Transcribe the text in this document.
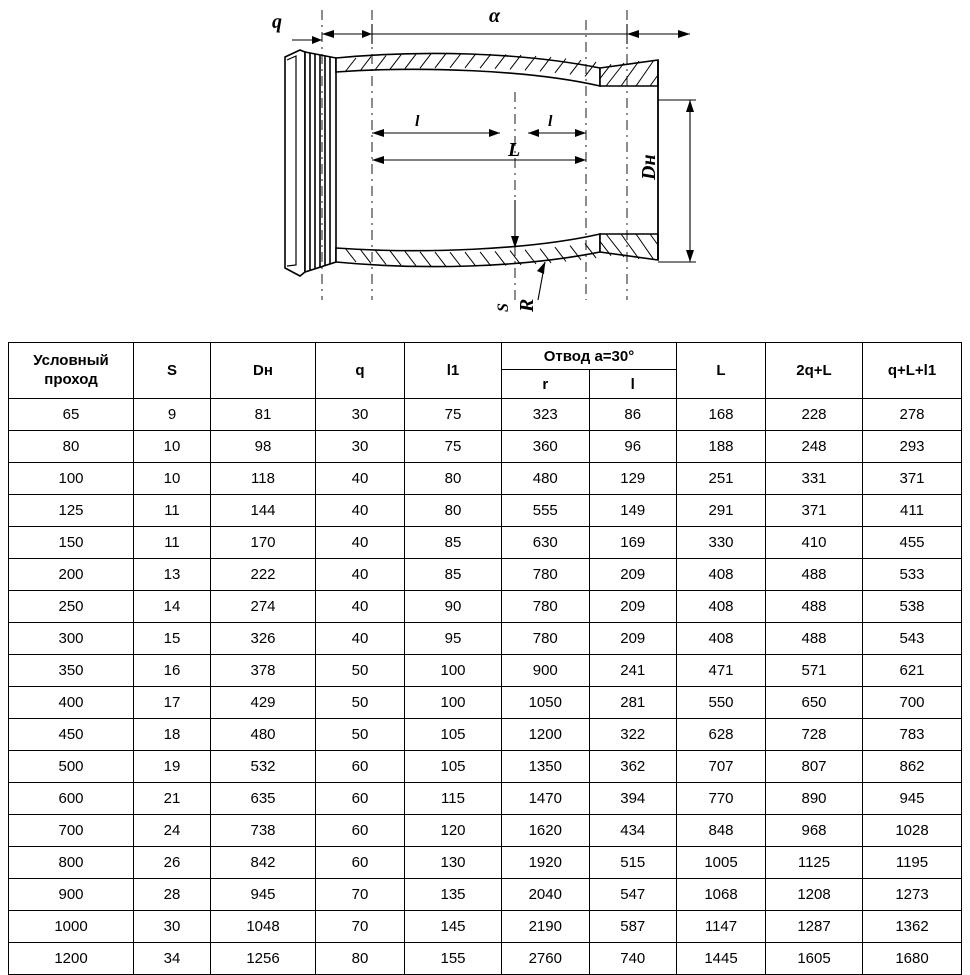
α
q
l	l
L
Dн
S R
Условный проход	S	Dн	q	l1	Отвод a=30°		L	2q+L	q+L+l1
					r	l			
65	9	81	30	75	323	86	168	228	278
80	10	98	30	75	360	96	188	248	293
100	10	118	40	80	480	129	251	331	371
125	11	144	40	80	555	149	291	371	411
150	11	170	40	85	630	169	330	410	455
200	13	222	40	85	780	209	408	488	533
250	14	274	40	90	780	209	408	488	538
300	15	326	40	95	780	209	408	488	543
350	16	378	50	100	900	241	471	571	621
400	17	429	50	100	1050	281	550	650	700
450	18	480	50	105	1200	322	628	728	783
500	19	532	60	105	1350	362	707	807	862
600	21	635	60	115	1470	394	770	890	945
700	24	738	60	120	1620	434	848	968	1028
800	26	842	60	130	1920	515	1005	1125	1195
900	28	945	70	135	2040	547	1068	1208	1273
1000	30	1048	70	145	2190	587	1147	1287	1362
1200	34	1256	80	155	2760	740	1445	1605	1680
